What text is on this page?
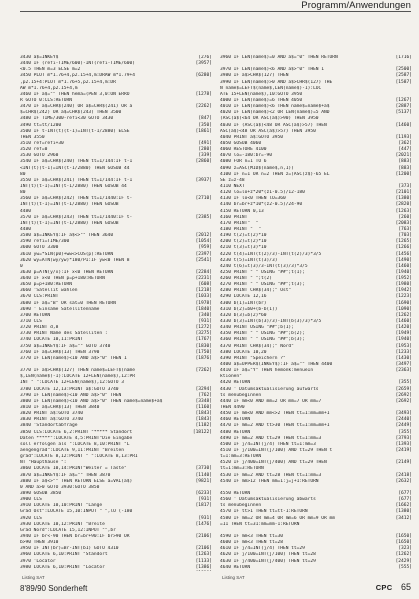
Programm/Anwendungen
3430 a$=INKEY$	[276]
3440 IF (refi-TIME/600)-INT(refi-TIME/600)	[3957]
<0.5 THEN m=3 ELSE m=2
3450 PLOT m*1.76+4,p2.15+4,m:DRAW m*1.79+4	[6280]
,p2.15+4:PLOT m*1.76+5,p2.15+4,m:DR
AW m*1.76+4,p2.15+4,m
3460 IF a$="" THEN hema=(PEN 3,0:ON ERRO	[1278]
R GOTO 0:CLS:RETURN
3470 IF a$=CHR$(240) OR a$=CHR$(241) OR a	[2262]
$=CHR$(242) OR a$=CHR$(243) THEN 3500
3480 IF TIME/300-refi<30 GOTO 3430	[847]
3490 tt=tt/1200	[350]
3500 IF t-INT(t)(t-1)=INT(t-1/2880) ELSE	[1861]
THEN 3550
3510 ref=refi+30	[491]
3520 ref=0	[280]
3530 GOTO 2960	[339]
3540 IF a$=CHR$(240) THEN tt=1/144:IF t-1	[2860]
<INT(t)(t-1)=INT(t-1/2880) THEN GOSUB 44
80
3550 IF a$=CHR$(241) THEN tt=1/144:IF t-1	[3937]
INT(t)(t-1)=INT(t-1/2880) THEN GOSUB 44
80
3560 IF a$=CHR$(242) THEN tt=1/1440:IF t-	[2710]
INT(t)(t-1)=INT(t-1/2880) THEN GOSUB
4480
3570 IF a$=CHR$(243) THEN tt=1/1440:IF t-	[2385]
INT(t)(t-1)=INT(t-1/2880) THEN GOSUB
4480
3580 a$=INKEY$:IF a$<>"" THEN 3640	[2012]
3590 refi=TIME/300	[1054]
3600 GOTO 3300	[959]
3610 yw=*SIN(p0)+ww<>COS(p):RETURN	[2397]
3620 wy=ATN(wy/yw)*180/PI:IF yw<0 THEN 8	[2541]
0
3630 p=ATN(y/x):IF x<0 THEN RETURN	[2284]
3640 IF x<0 THEN p=p+180:RETURN	[2231]
3650 p=p+180:RETURN	[608]
3660 'Satellit wählen	[1218]
3670 CLS:PRINT	[1033]
3680 IF a$="B" OR sat=0 THEN RETURN	[1978]
3690 ' Einsame Satellitenname	[1840]
3700 RETURN	[340]
3710 CLS	[931]
3720 PRINT d,8	[1272]
3730 PRINT Name des Satelliten :	[3275]
3740 LOCATE 10,11:PRINT	[1767]
3750 a$=INKEY$:IF a$="" GOTO 3740	[1830]
3760 IF a$=CHR$(13) THEN 3790	[1750]
3770 IF LEN(name$)<10 AND a$>"0" THEN 1	[1876]
3770 IF a$>CHR$(127) THEN name$=LEFT$(name	[7262]
$,LEN(name$)-1):LOCATE 12+LEN(name$),12:PR
INT " ":LOCATE 12+LEN(name$),12:GOTO 3
3780 LOCATE 12,13:PRINT a$:GOTO 3740	[3294]
3790 IF LEN(name$)<10 AND a$>"0" THEN	[762]
3800 IF LEN(name$)<10 AND a$>"0" THEN name$=name$+a$	[3348]
3810 IF a$=CHR$(13) THEN 3840	[1160]
3820 PRINT a$:GOTO 3740	[1843]
3830 PRINT a$:GOTO 3740	[1843]
3840 'Standortabfrage	[1182]
3850 CLS:LOCATE 6,2:PRINT "***** Standort	[18122]
Daten *****":LOCATE 4,5:PRINT"Die Eingabe
soll erfolgen als ":LOCATE 8,10:PRINT "L
aengengrad":LOCATE 9,11:PRINT "Breiten
grad":LOCATE 8,12:PRINT " ":LOCATE 8,13:PRI
NT "Haupthause ":
3860 LOCATE 10,14:PRINT"Weiter = Taste"	[3730]
3870 a$=INKEY$:IF a$="" THEN 3870	[1140]
3880 IF a$<>"" THEN RETURN ELSE a=VAL(a$)	[9821]
0 AND a>0 GOTO 3930:GOTO 3850
3890 GOSUB 3850	[6233]
3900 CLS	[931]
3910 LOCATE 10,10:PRINT "Länge	[1817]
Grad Ost":LOCATE 15,10:INPUT " ",lO (-180
3920 CLS	[931]
3930 LOCATE 10,12:PRINT "Breite	[1476]
Grad Nord":LOCATE 15,12:INPUT "",br
3940 IF br<-90 THEN br=br+90:IF br>90 OR	[2106]
b>90 THEN 3910
3950 IF INT(br)=Br-INT(b1) GOTO 4310	[2106]
3960 LOCATE 6,10:PRINT "Standort	[1263]
3970 'Locator	[1133]
3980 LOCATE 6,10:PRINT "Locator	[1386]
3960 IF LEN(name$)=0 AND a$="0" THEN RETURN	[1716]
3970 IF LEN(name$)<6 AND a$>"0" THEN 1	[2500]
3980 IF a$>CHR$(127) THEN	[2587]
3990 IF LEN(name$)>0 AND a$>CHR$(127) THE	[1587]
N name$=LEFT$(name$,LEN(name$)-1):LOC
ATE 15+LEN(name$),10:GOTO 3950
4000 IF LEN(name$)=6 THEN 4050	[1267]
4010 IF LEN(name$)<6 THEN name$=name$+a$	[2887]
4020 IF LEN(name$)<2 OR LEN(name$)=5 AND	[5137]
(ASC(a$)<64 OR ASC(a$)>90) THEN 3950
4030 IF (ASC(a$)<48 OR ASC(a$)>57) THEN	[1460]
ASC(a$)<48 OR ASC(a$)>57) THEN 3950
4040 PRINT a$:GOTO 3950	[1193]
4050 GOSUB 4060	[362]
4060 RESTORE 4100	[447]
4070 lo=-180:br=-90	[2021]
4080 FOR n=1 TO 6	[883]
4090 z=ASC(MID$(name$,n,1))	[883]
4100 IF n=1 OR n=2 THEN z=(ASC(z$)-65 EL	[1200]
SE z=z-48
4110 NEXT	[373]
4120 lo=lo+z*20*(z1-0.5)/12-180	[2101]
4130 IF lo<0 THEN lO=360	[1380]
4140 br=br+z*10*(z2-0.5)/24-90	[2820]
4150 RETURN 0,13	[1263]
4160 PRINT	[260]
4170 PRINT"  "	[2083]
4180 PRINT "  "	[763]
4190 t(2)=t(2)*10	[703]
4200 t(2)=t(2)*10	[1265]
4210 t(3)=t(3)*10	[1266]
4220 t(4)=INT(t(2)/3)-INT(t(2)/3)*3/5	[1456]
4230 t(5)=INT(t(3)/3)	[1490]
4240 t(6)=t(3)/3-INT(t(3)/3)*3/5	[1460]
4250 PRINT " " USING "##";t(1);	[1940]
4260 PRINT " ";t(2)	[1952]
4270 PRINT " " USING "##";t(3);	[1980]
4280 PRINT CHR$(34);" Ost"	[1942]
4290 LOCATE 12,16	[1223]
4300 b(1)=INT(br)	[1690]
4310 b(2)=b0+(b-b(1))	[1090]
4320 b(3)=b(2)*60	[1262]
4330 b(3)=INT(b(3)/3)-INT(b(3)/3)*3/5	[1460]
4340 PRINT USING "##";b(1);	[1420]
4350 PRINT " " USING "##";b(2);	[1949]
4360 PRINT " " USING "##";b(3);	[1940]
4370 PRINT CHR$(34);" Nord"	[1953]
4380 LOCATE 10,20	[1233]
4390 PRINT "Speichern ?"	[1430]
4400 a$=UPPER$(INKEY$):IF a$="" THEN 4400	[3497]
4410 IF a$="Y" THEN hemonk:menueIn	[2363]
ktionen"
4420 RETURN	[355]
4430 ' Datumsaktualisierung aufwärts	[2659]
ts menubeginnen	[2692]
4440 IF mm<0 AND mm=2 OR mm=7 OR mm=7	[2692]
THEN 4490
4450 IF mm<0 AND mm<>2 THEN tt=1:mm=mm+1	[3493]
4460 RETURN	[2440]
4470 IF mm=2 AND tt>30 THEN tt=1:mm=mm+1	[2449]
4480 RETURN	[355]
4490 IF mm=2 AND tt=29 THEN tt=1:mm=3	[3793]
4500 IF j/4=INT(j/4) THEN tt=1:mm=3	[1393]
4510 IF j/100=INT(j/100) AND tt=29 THEN t	[2419]
t=1:mm=3:RETURN
4520 IF j/400=INT(j/400) AND tt=29 THEN	[2149]
tt=1:mm=3:RETURN
4530 IF mm=2 AND tt=28 THEN tt=1:mm=3	[2418]
4540 IF mm>12 THEN mm=1:j=j+1:RETURN	[2632]
4550 RETURN	[677]
4560 ' Datumsaktualisierung abwärts	[677]
ts menubeginnen	[1662]
4570 IF tt>1 THEN tt=tt-1:RETURN	[1380]
4580 IF mm=2 OR mm=4 OR mm=6 OR mm=9 OR mm	[3412]
=11 THEN tt=31:mm=mm-1:RETURN
4590 IF mm<3 THEN tt=30	[1650]
4600 IF mm<3 THEN tt=28	[1650]
4610 IF j/4=INT(j/4) THEN tt=29	[323]
4620 IF j/100=INT(j/100) THEN tt=28	[1262]
4630 IF j/400=INT(j/400) THEN tt=29	[2429]
4640 RETURN	[555]
Listing SAT	Listing SAT
8'89/90 Sonderheft	CPC 65
